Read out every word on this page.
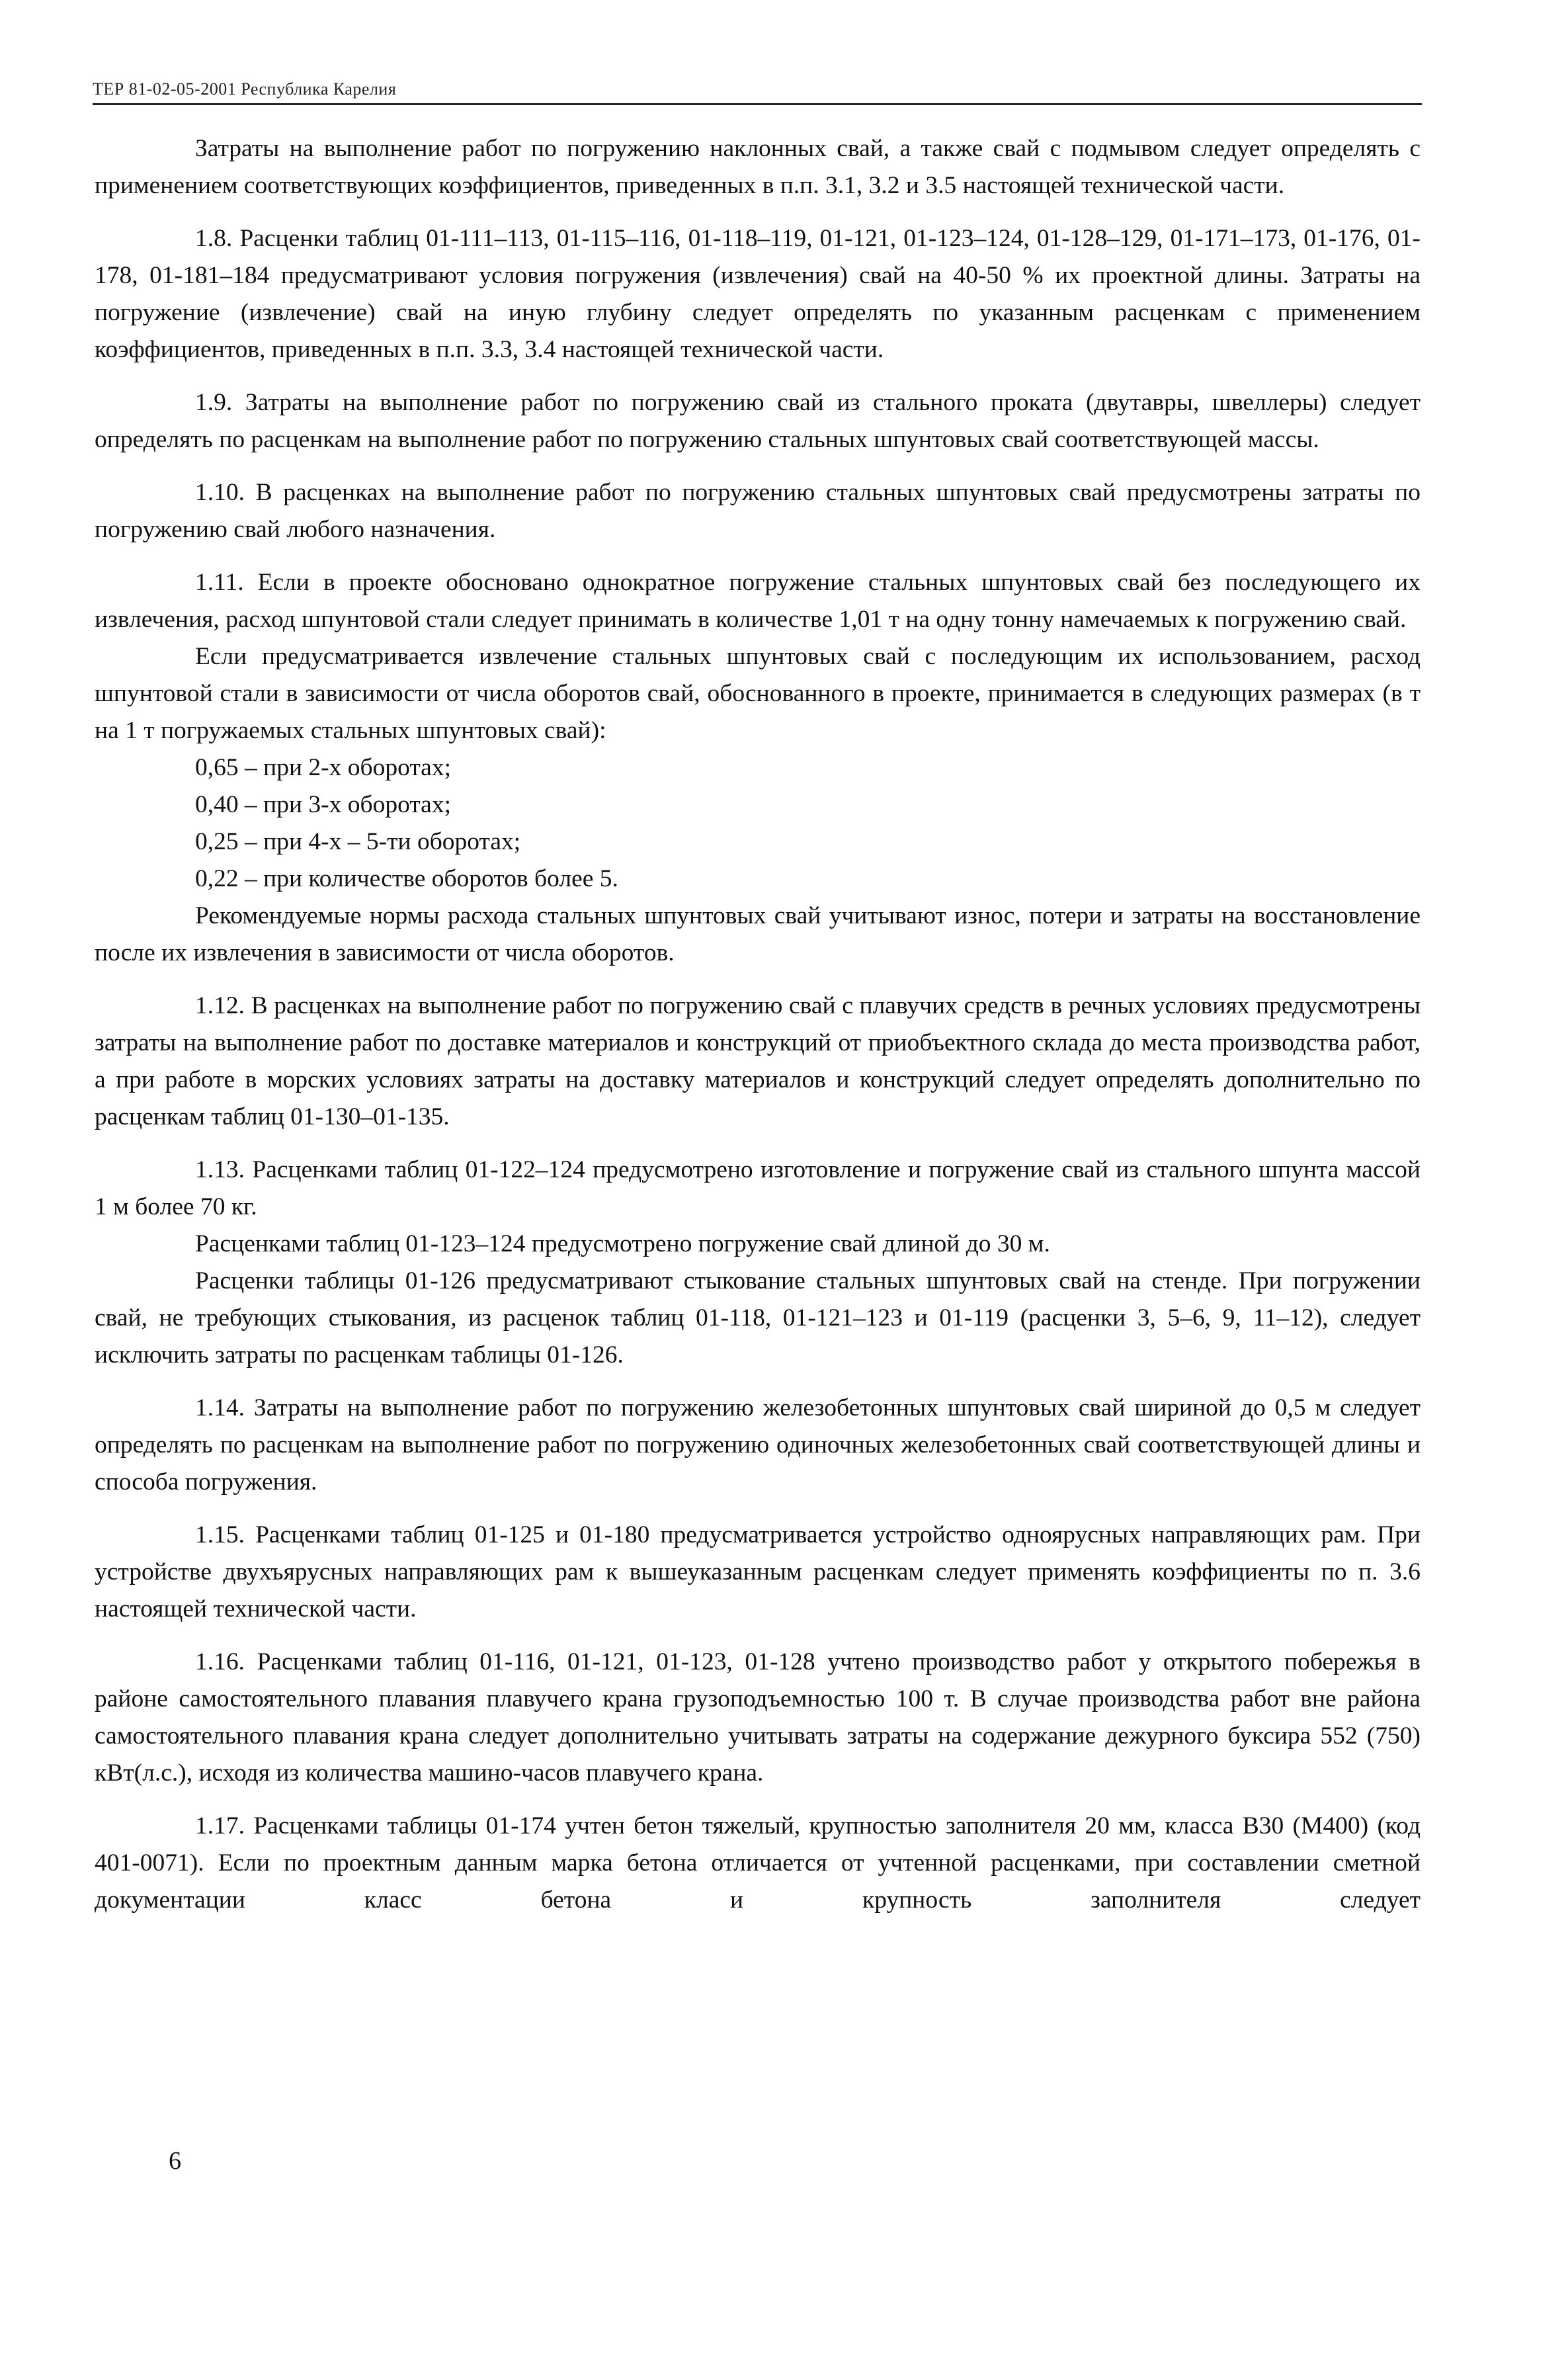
ТЕР 81-02-05-2001 Республика Карелия

Затраты на выполнение работ по погружению наклонных свай, а также свай с подмывом следует определять с применением соответствующих коэффициентов, приведенных в п.п. 3.1, 3.2 и 3.5 настоящей технической части.

1.8. Расценки таблиц 01-111–113, 01-115–116, 01-118–119, 01-121, 01-123–124, 01-128–129, 01-171–173, 01-176, 01-178, 01-181–184 предусматривают условия погружения (извлечения) свай на 40-50 % их проектной длины. Затраты на погружение (извлечение) свай на иную глубину следует определять по указанным расценкам с применением коэффициентов, приведенных в п.п. 3.3, 3.4 настоящей технической части.

1.9. Затраты на выполнение работ по погружению свай из стального проката (двутавры, швеллеры) следует определять по расценкам на выполнение работ по погружению стальных шпунтовых свай соответствующей массы.

1.10. В расценках на выполнение работ по погружению стальных шпунтовых свай предусмотрены затраты по погружению свай любого назначения.

1.11. Если в проекте обосновано однократное погружение стальных шпунтовых свай без последующего их извлечения, расход шпунтовой стали следует принимать в количестве 1,01 т на одну тонну намечаемых к погружению свай.

Если предусматривается извлечение стальных шпунтовых свай с последующим их использованием, расход шпунтовой стали в зависимости от числа оборотов свай, обоснованного в проекте, принимается в следующих размерах (в т на 1 т погружаемых стальных шпунтовых свай):

0,65 – при 2-х оборотах;

0,40 – при 3-х оборотах;

0,25 – при 4-х – 5-ти оборотах;

0,22 – при количестве оборотов более 5.

Рекомендуемые нормы расхода стальных шпунтовых свай учитывают износ, потери и затраты на восстановление после их извлечения в зависимости от числа оборотов.

1.12. В расценках на выполнение работ по погружению свай с плавучих средств в речных условиях предусмотрены затраты на выполнение работ по доставке материалов и конструкций от приобъектного склада до места производства работ, а при работе в морских условиях затраты на доставку материалов и конструкций следует определять дополнительно по расценкам таблиц 01-130–01-135.

1.13. Расценками таблиц 01-122–124 предусмотрено изготовление и погружение свай из стального шпунта массой 1 м более 70 кг.

Расценками таблиц 01-123–124 предусмотрено погружение свай длиной до 30 м.

Расценки таблицы 01-126 предусматривают стыкование стальных шпунтовых свай на стенде. При погружении свай, не требующих стыкования, из расценок таблиц 01-118, 01-121–123 и 01-119 (расценки 3, 5–6, 9, 11–12), следует исключить затраты по расценкам таблицы 01-126.

1.14. Затраты на выполнение работ по погружению железобетонных шпунтовых свай шириной до 0,5 м следует определять по расценкам на выполнение работ по погружению одиночных железобетонных свай соответствующей длины и способа погружения.

1.15. Расценками таблиц 01-125 и 01-180 предусматривается устройство одноярусных направляющих рам. При устройстве двухъярусных направляющих рам к вышеуказанным расценкам следует применять коэффициенты по п. 3.6 настоящей технической части.

1.16. Расценками таблиц 01-116, 01-121, 01-123, 01-128 учтено производство работ у открытого побережья в районе самостоятельного плавания плавучего крана грузоподъемностью 100 т. В случае производства работ вне района самостоятельного плавания крана следует дополнительно учитывать затраты на содержание дежурного буксира 552 (750) кВт(л.с.), исходя из количества машино-часов плавучего крана.

1.17. Расценками таблицы 01-174 учтен бетон тяжелый, крупностью заполнителя 20 мм, класса В30 (М400) (код 401-0071). Если по проектным данным марка бетона отличается от учтенной расценками, при составлении сметной документации класс бетона и крупность заполнителя следует

6
